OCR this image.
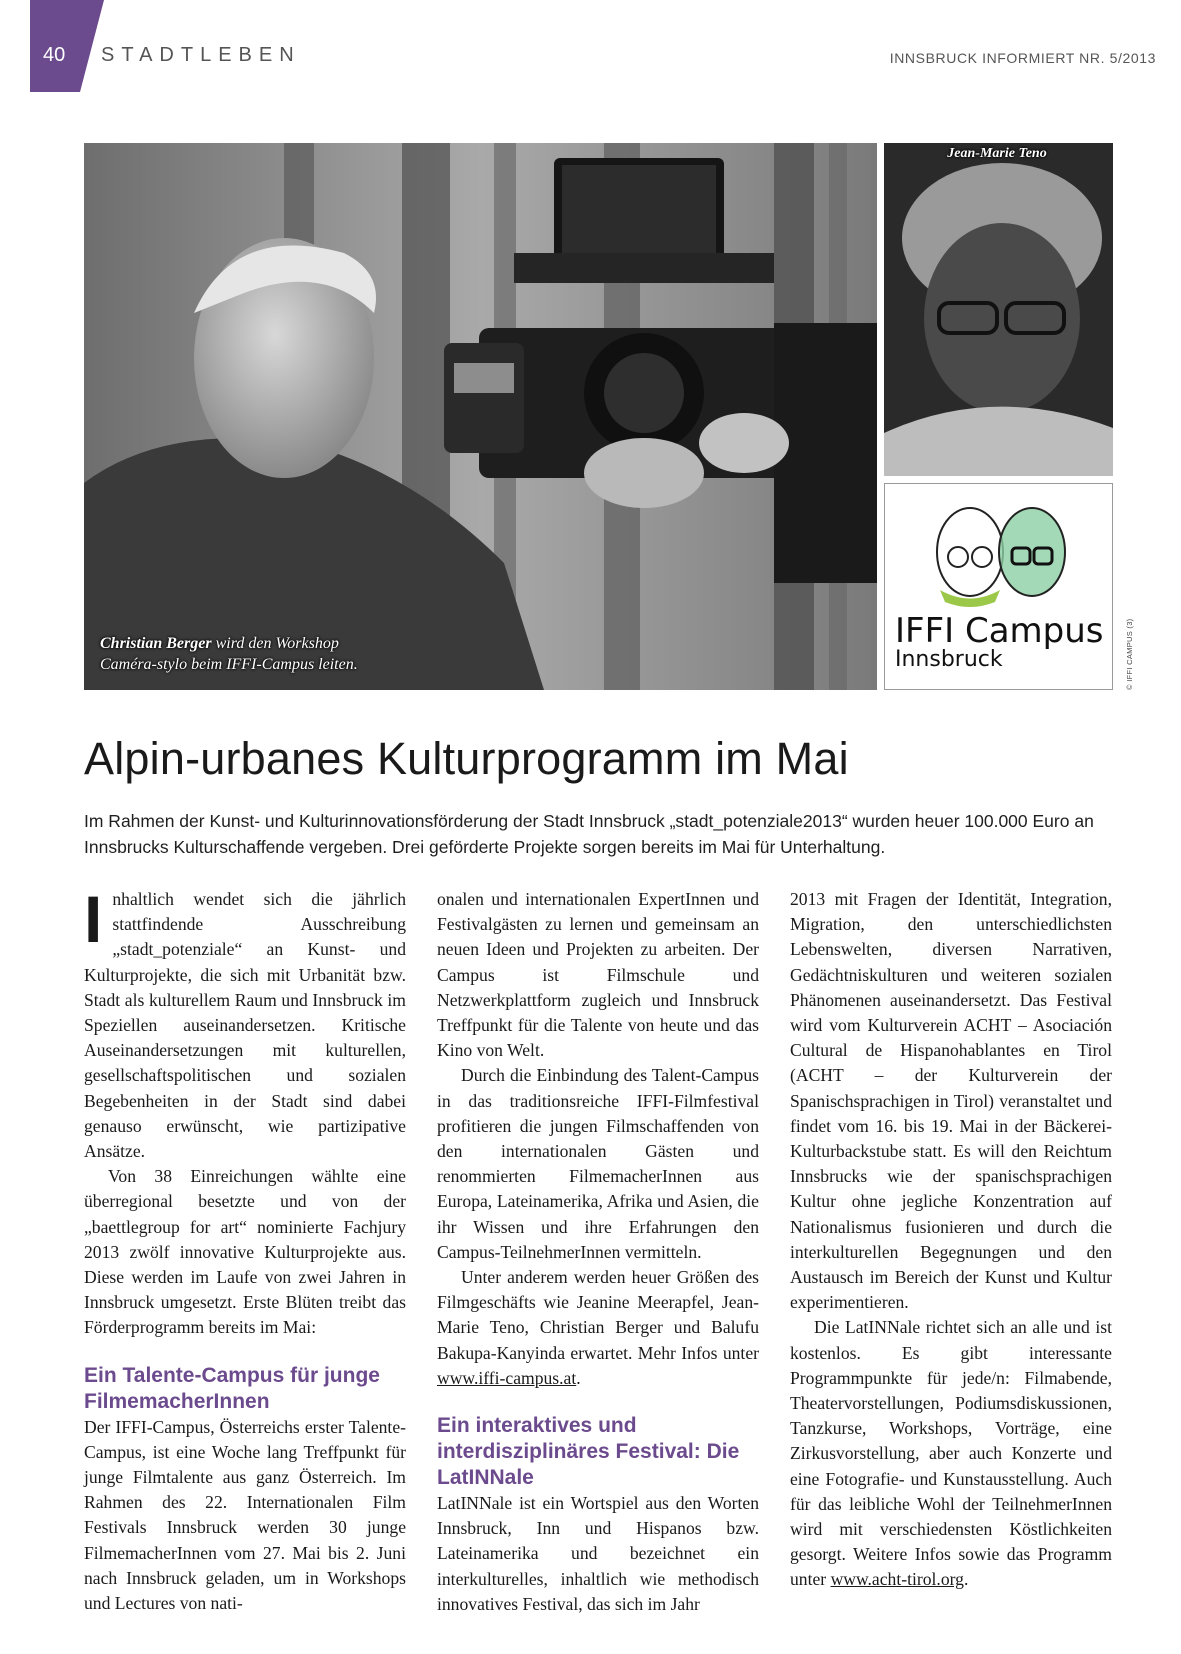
40	STADTLEBEN	INNSBRUCK INFORMIERT NR. 5/2013
Christian Berger wird den Workshop
Caméra-stylo beim IFFI-Campus leiten.
Jean-Marie Teno
IFFI Campus
Innsbruck	© IFFI CAMPUS (3)
Alpin-urbanes Kulturprogramm im Mai

Im Rahmen der Kunst- und Kulturinnovationsförderung der Stadt Innsbruck „stadt_potenziale2013“ wurden heuer 100.000 Euro an Innsbrucks Kulturschaffende vergeben. Drei geförderte Projekte sorgen bereits im Mai für Unterhaltung.

Inhaltlich wendet sich die jährlich stattfindende Ausschreibung „stadt_potenziale“ an Kunst- und Kulturprojekte, die sich mit Urbanität bzw. Stadt als kulturellem Raum und Innsbruck im Speziellen auseinandersetzen. Kritische Auseinandersetzungen mit kulturellen, gesellschaftspolitischen und sozialen Begebenheiten in der Stadt sind dabei genauso erwünscht, wie partizipative Ansätze.

Von 38 Einreichungen wählte eine überregional besetzte und von der „baettlegroup for art“ nominierte Fachjury 2013 zwölf innovative Kulturprojekte aus. Diese werden im Laufe von zwei Jahren in Innsbruck umgesetzt. Erste Blüten treibt das Förderprogramm bereits im Mai:

Ein Talente-Campus für junge FilmemacherInnen

Der IFFI-Campus, Österreichs erster Talente-Campus, ist eine Woche lang Treffpunkt für junge Filmtalente aus ganz Österreich. Im Rahmen des 22. Internationalen Film Festivals Innsbruck werden 30 junge FilmemacherInnen vom 27. Mai bis 2. Juni nach Innsbruck geladen, um in Workshops und Lectures von nati-

onalen und internationalen ExpertInnen und Festivalgästen zu lernen und gemeinsam an neuen Ideen und Projekten zu arbeiten. Der Campus ist Filmschule und Netzwerkplattform zugleich und Innsbruck Treffpunkt für die Talente von heute und das Kino von Welt.

Durch die Einbindung des Talent-Campus in das traditionsreiche IFFI-Filmfestival profitieren die jungen Filmschaffenden von den internationalen Gästen und renommierten FilmemacherInnen aus Europa, Lateinamerika, Afrika und Asien, die ihr Wissen und ihre Erfahrungen den Campus-TeilnehmerInnen vermitteln.

Unter anderem werden heuer Größen des Filmgeschäfts wie Jeanine Meerapfel, Jean-Marie Teno, Christian Berger und Balufu Bakupa-Kanyinda erwartet. Mehr Infos unter www.iffi-campus.at.

Ein interaktives und interdisziplinäres Festival: Die LatINNale

LatINNale ist ein Wortspiel aus den Worten Innsbruck, Inn und Hispanos bzw. Lateinamerika und bezeichnet ein interkulturelles, inhaltlich wie methodisch innovatives Festival, das sich im Jahr

2013 mit Fragen der Identität, Integration, Migration, den unterschiedlichsten Lebenswelten, diversen Narrativen, Gedächtniskulturen und weiteren sozialen Phänomenen auseinandersetzt. Das Festival wird vom Kulturverein ACHT – Asociación Cultural de Hispanohablantes en Tirol (ACHT – der Kulturverein der Spanischsprachigen in Tirol) veranstaltet und findet vom 16. bis 19. Mai in der Bäckerei-Kulturbackstube statt. Es will den Reichtum Innsbrucks wie der spanischsprachigen Kultur ohne jegliche Konzentration auf Nationalismus fusionieren und durch die interkulturellen Begegnungen und den Austausch im Bereich der Kunst und Kultur experimentieren.

Die LatINNale richtet sich an alle und ist kostenlos. Es gibt interessante Programmpunkte für jede/n: Filmabende, Theatervorstellungen, Podiumsdiskussionen, Tanzkurse, Workshops, Vorträge, eine Zirkusvorstellung, aber auch Konzerte und eine Fotografie- und Kunstausstellung. Auch für das leibliche Wohl der TeilnehmerInnen wird mit verschiedensten Köstlichkeiten gesorgt. Weitere Infos sowie das Programm unter www.acht-tirol.org.
